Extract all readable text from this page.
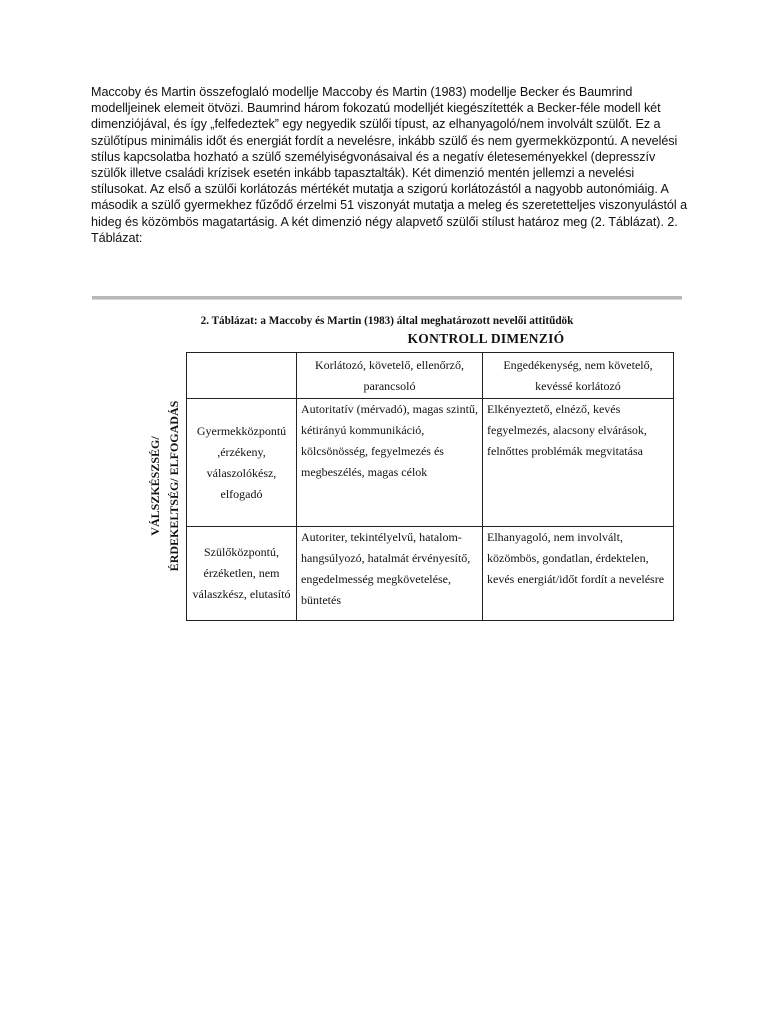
Maccoby és Martin összefoglaló modellje Maccoby és Martin (1983) modellje Becker és Baumrind modelljeinek elemeit ötvözi. Baumrind három fokozatú modelljét kiegészítették a Becker-féle modell két dimenziójával, és így „felfedeztek” egy negyedik szülői típust, az elhanyagoló/nem involvált szülőt. Ez a szülőtípus minimális időt és energiát fordít a nevelésre, inkább szülő és nem gyermekközpontú. A nevelési stílus kapcsolatba hozható a szülő személyiségvonásaival és a negatív életeseményekkel (depresszív szülők illetve családi krízisek esetén inkább tapasztalták). Két dimenzió mentén jellemzi a nevelési stílusokat. Az első a szülői korlátozás mértékét mutatja a szigorú korlátozástól a nagyobb autonómiáig. A második a szülő gyermekhez fűződő érzelmi 51 viszonyát mutatja a meleg és szeretetteljes viszonyulástól a hideg és közömbös magatartásig. A két dimenzió négy alapvető szülői stílust határoz meg (2. Táblázat). 2. Táblázat:
2. Táblázat: a Maccoby és Martin (1983) által meghatározott nevelői attitűdök
KONTROLL DIMENZIÓ
VÁLSZKÉSZSÉG/ ÉRDEKELTSÉG/ ELFOGADÁS
	Korlátozó, követelő, ellenőrző, parancsoló	Engedékenység, nem követelő, kevéssé korlátozó
Gyermekközpontú ,érzékeny, válaszolókész, elfogadó	Autoritatív (mérvadó), magas szintű, kétirányú kommunikáció, kölcsönösség, fegyelmezés és megbeszélés, magas célok	Elkényeztető, elnéző, kevés fegyelmezés, alacsony elvárások, felnőttes problémák megvitatása
Szülőközpontú, érzéketlen, nem válaszkész, elutasító	Autoriter, tekintélyelvű, hatalom-hangsúlyozó, hatalmát érvényesítő, engedelmesség megkövetelése, büntetés	Elhanyagoló, nem involvált, közömbös, gondatlan, érdektelen, kevés energiát/időt fordít a nevelésre
